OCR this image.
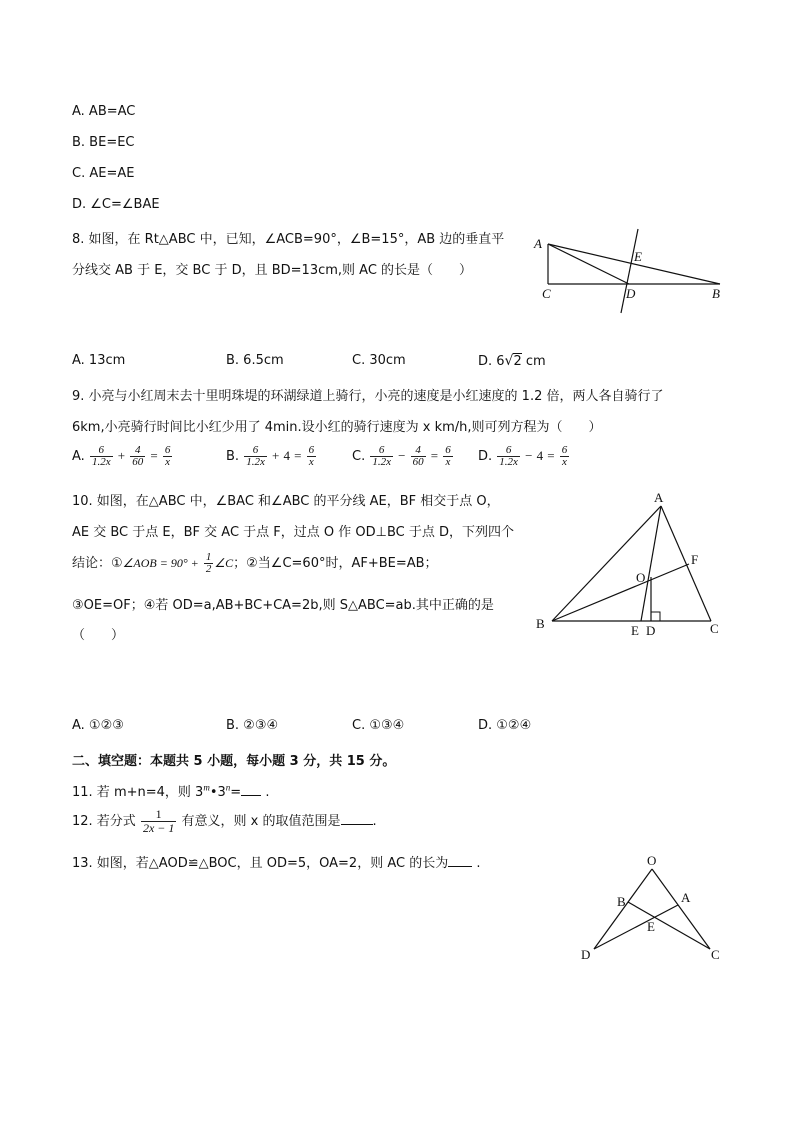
A. AB=AC
B. BE=EC
C. AE=AE
D. ∠C=∠BAE
8. 如图，在 Rt△ABC 中，已知，∠ACB=90°，∠B=15°，AB 边的垂直平
分线交 AB 于 E，交 BC 于 D，且 BD=13cm,则 AC 的长是（　　）
A
E
C	D	B
A. 13cm	B. 6.5cm	C. 30cm	D. 6√2 cm
9. 小亮与小红周末去十里明珠堤的环湖绿道上骑行，小亮的速度是小红速度的 1.2 倍，两人各自骑行了
6km,小亮骑行时间比小红少用了 4min.设小红的骑行速度为 x km/h,则可列方程为（　　）
A. $\frac{6}{1.2x} + \frac{4}{60} = \frac{6}{x}$	B. $\frac{6}{1.2x} + 4 = \frac{6}{x}$	C. $\frac{6}{1.2x} - \frac{4}{60} = \frac{6}{x} D$. $\frac{6}{1.2x} - 4 = \frac{6}{x}$
10. 如图，在△ABC 中，∠BAC 和∠ABC 的平分线 AE，BF 相交于点 O，
AE 交 BC 于点 E，BF 交 AC 于点 F，过点 O 作 OD⊥BC 于点 D，下列四个
结论：①∠AOB = $90^\circ + \frac{1}{2}$ ∠C；②当∠C=60°时，AF+BE=AB；
③OE=OF；④若 OD=a,AB+BC+CA=2b,则 S△ABC=ab.其中正确的是
（　　）
A
F
O
B	E D	C
A. ①②③	B. ②③④	C. ①③④	D. ①②④
二、填空题：本题共 5 小题，每小题 3 分，共 15 分。
11. 若 m+n=4，则 $3^m•3^n=$ .
12. 若分式 $\frac{1}{2x - 1}$ 有意义，则 x 的取值范围是 .
13. 如图，若△AOD≌△BOC，且 OD=5，OA=2，则 AC 的长为 .	O
B	A
E
D	C
